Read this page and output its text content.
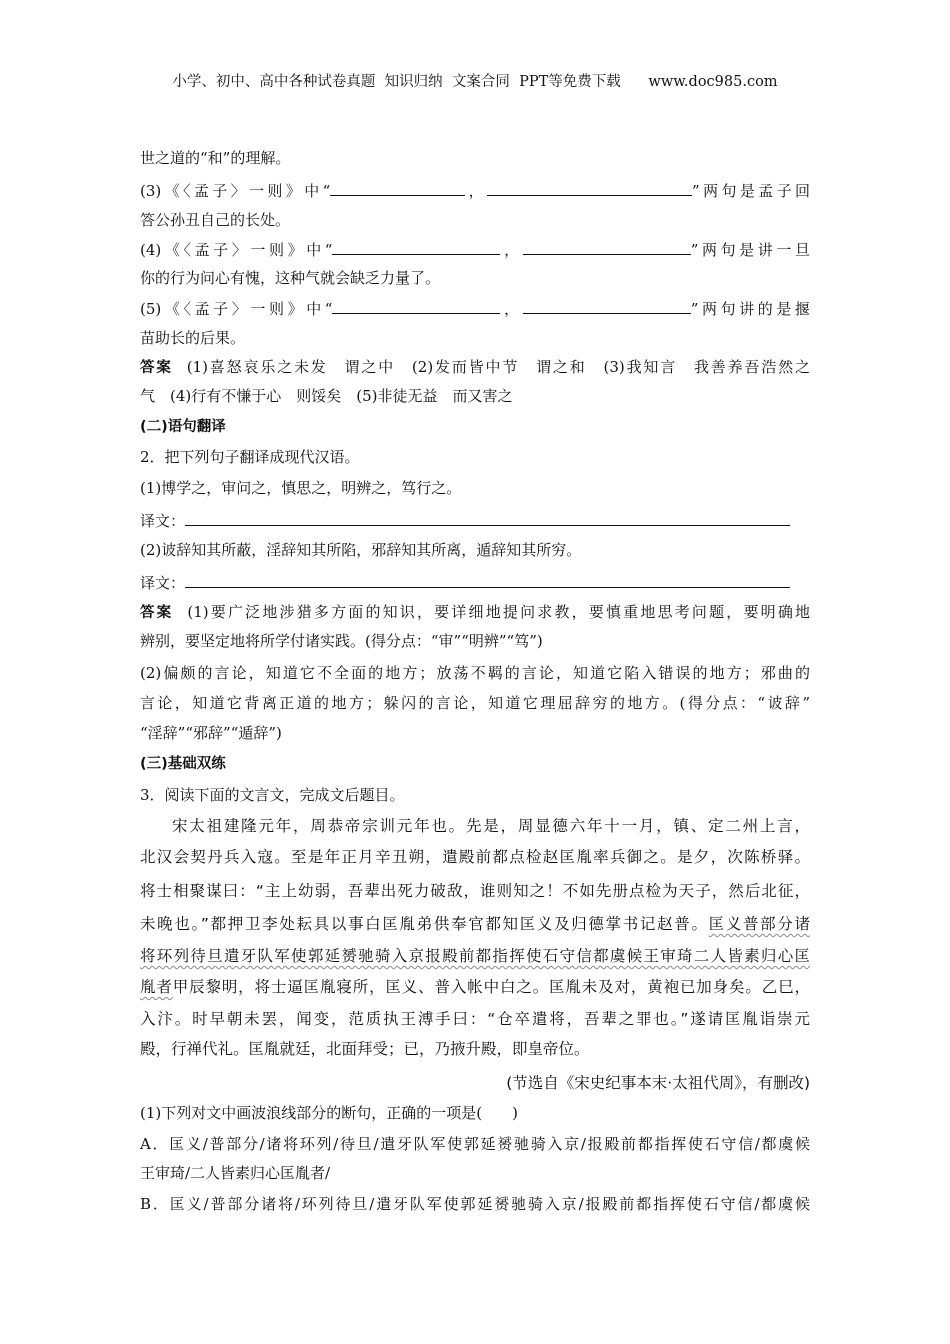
小学、初中、高中各种试卷真题  知识归纳  文案合同  PPT等免费下载      www.doc985.com
世之道的“和”的理解。
(3)《〈孟子〉一则》中“	，	”两句是孟子回
答公孙丑自己的长处。
(4)《〈孟子〉一则》中“	，	”两句是讲一旦
你的行为问心有愧，这种气就会缺乏力量了。
(5)《〈孟子〉一则》中“	，	”两句讲的是揠
苗助长的后果。
答案 (1)喜怒哀乐之未发　谓之中　(2)发而皆中节　谓之和　(3)我知言　我善养吾浩然之
气　(4)行有不慊于心　则馁矣　(5)非徒无益　而又害之
(二)语句翻译
2．把下列句子翻译成现代汉语。
(1)博学之，审问之，慎思之，明辨之，笃行之。
译文：
(2)诐辞知其所蔽，淫辞知其所陷，邪辞知其所离，遁辞知其所穷。
译文：
答案 (1)要广泛地涉猎多方面的知识，要详细地提问求教，要慎重地思考问题，要明确地
辨别，要坚定地将所学付诸实践。(得分点：“审”“明辨”“笃”)
(2)偏颇的言论，知道它不全面的地方；放荡不羁的言论，知道它陷入错误的地方；邪曲的
言论，知道它背离正道的地方；躲闪的言论，知道它理屈辞穷的地方。(得分点：“诐辞”
“淫辞”“邪辞”“遁辞”)
(三)基础双练
3．阅读下面的文言文，完成文后题目。
宋太祖建隆元年，周恭帝宗训元年也。先是，周显德六年十一月，镇、定二州上言，
北汉会契丹兵入寇。至是年正月辛丑朔，遣殿前都点检赵匡胤率兵御之。是夕，次陈桥驿。
将士相聚谋曰：“主上幼弱，吾辈出死力破敌，谁则知之！不如先册点检为天子，然后北征，
未晚也。”都押卫李处耘具以事白匡胤弟供奉官都知匡义及归德掌书记赵普。匡义普部分诸
将环列待旦遣牙队军使郭延赟驰骑入京报殿前都指挥使石守信都虞候王审琦二人皆素归心匡
胤者甲辰黎明，将士逼匡胤寝所，匡义、普入帐中白之。匡胤未及对，黄袍已加身矣。乙巳，
入汴。时早朝未罢，闻变，范质执王溥手曰：“仓卒遣将，吾辈之罪也。”遂请匡胤诣崇元
殿，行禅代礼。匡胤就廷，北面拜受；已，乃掖升殿，即皇帝位。
(节选自《宋史纪事本末·太祖代周》，有删改)
(1)下列对文中画波浪线部分的断句，正确的一项是(　　)
A．匡义/普部分/诸将环列/待旦/遣牙队军使郭延赟驰骑入京/报殿前都指挥使石守信/都虞候
王审琦/二人皆素归心匡胤者/
B．匡义/普部分诸将/环列待旦/遣牙队军使郭延赟驰骑入京/报殿前都指挥使石守信/都虞候
